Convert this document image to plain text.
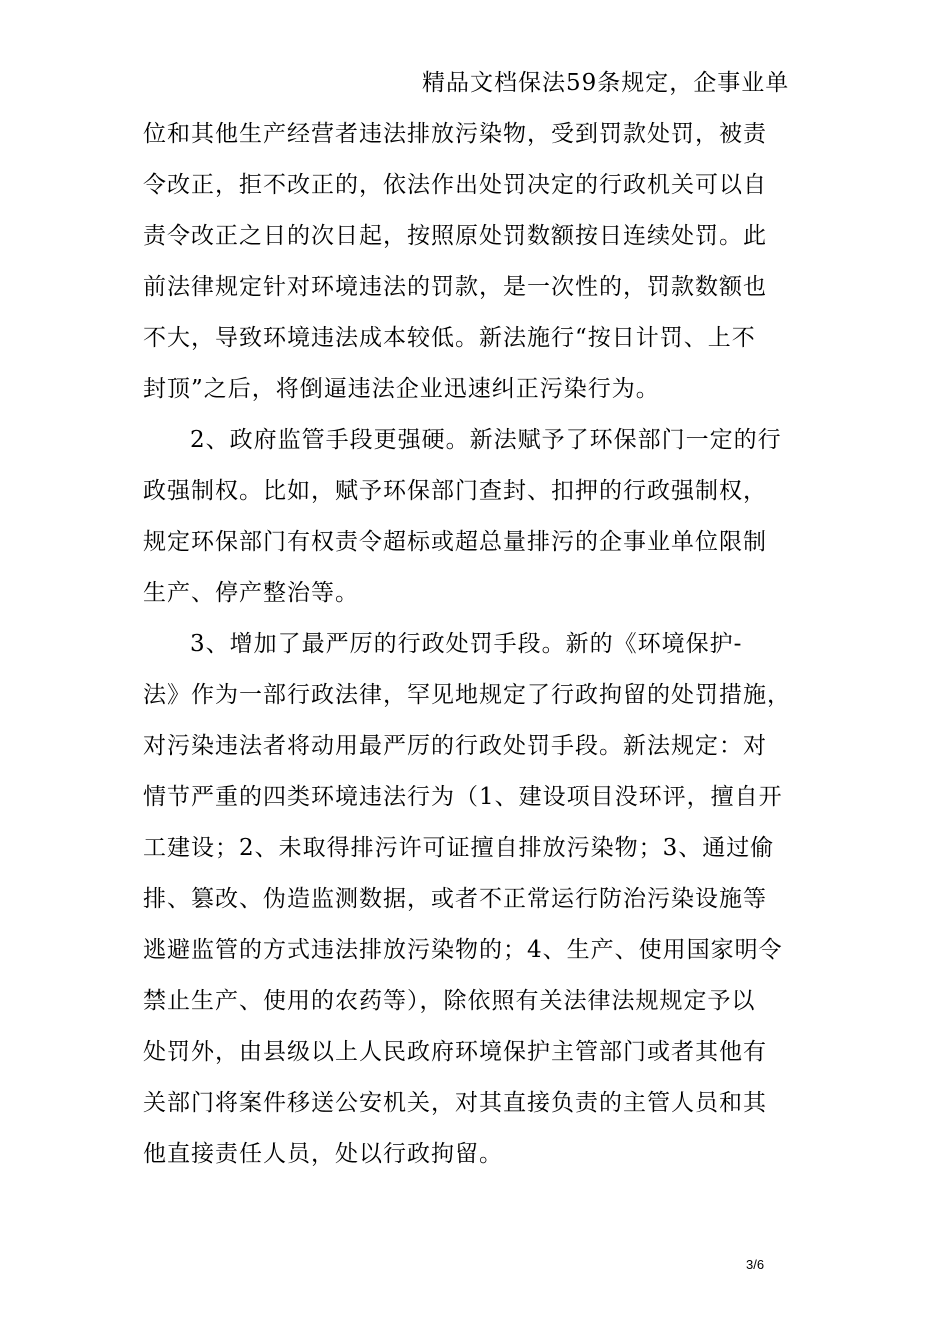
精品文档保法59条规定，企事业单
位和其他生产经营者违法排放污染物，受到罚款处罚，被责
令改正，拒不改正的，依法作出处罚决定的行政机关可以自
责令改正之日的次日起，按照原处罚数额按日连续处罚。此
前法律规定针对环境违法的罚款，是一次性的，罚款数额也
不大，导致环境违法成本较低。新法施行“按日计罚、上不
封顶”之后，将倒逼违法企业迅速纠正污染行为。
2、政府监管手段更强硬。新法赋予了环保部门一定的行
政强制权。比如，赋予环保部门查封、扣押的行政强制权，
规定环保部门有权责令超标或超总量排污的企事业单位限制
生产、停产整治等。
3、增加了最严厉的行政处罚手段。新的《环境保护-
法》作为一部行政法律，罕见地规定了行政拘留的处罚措施，
对污染违法者将动用最严厉的行政处罚手段。新法规定：对
情节严重的四类环境违法行为（1、建设项目没环评，擅自开
工建设；2、未取得排污许可证擅自排放污染物；3、通过偷
排、篡改、伪造监测数据，或者不正常运行防治污染设施等
逃避监管的方式违法排放污染物的；4、生产、使用国家明令
禁止生产、使用的农药等），除依照有关法律法规规定予以
处罚外，由县级以上人民政府环境保护主管部门或者其他有
关部门将案件移送公安机关，对其直接负责的主管人员和其
他直接责任人员，处以行政拘留。
3/6
